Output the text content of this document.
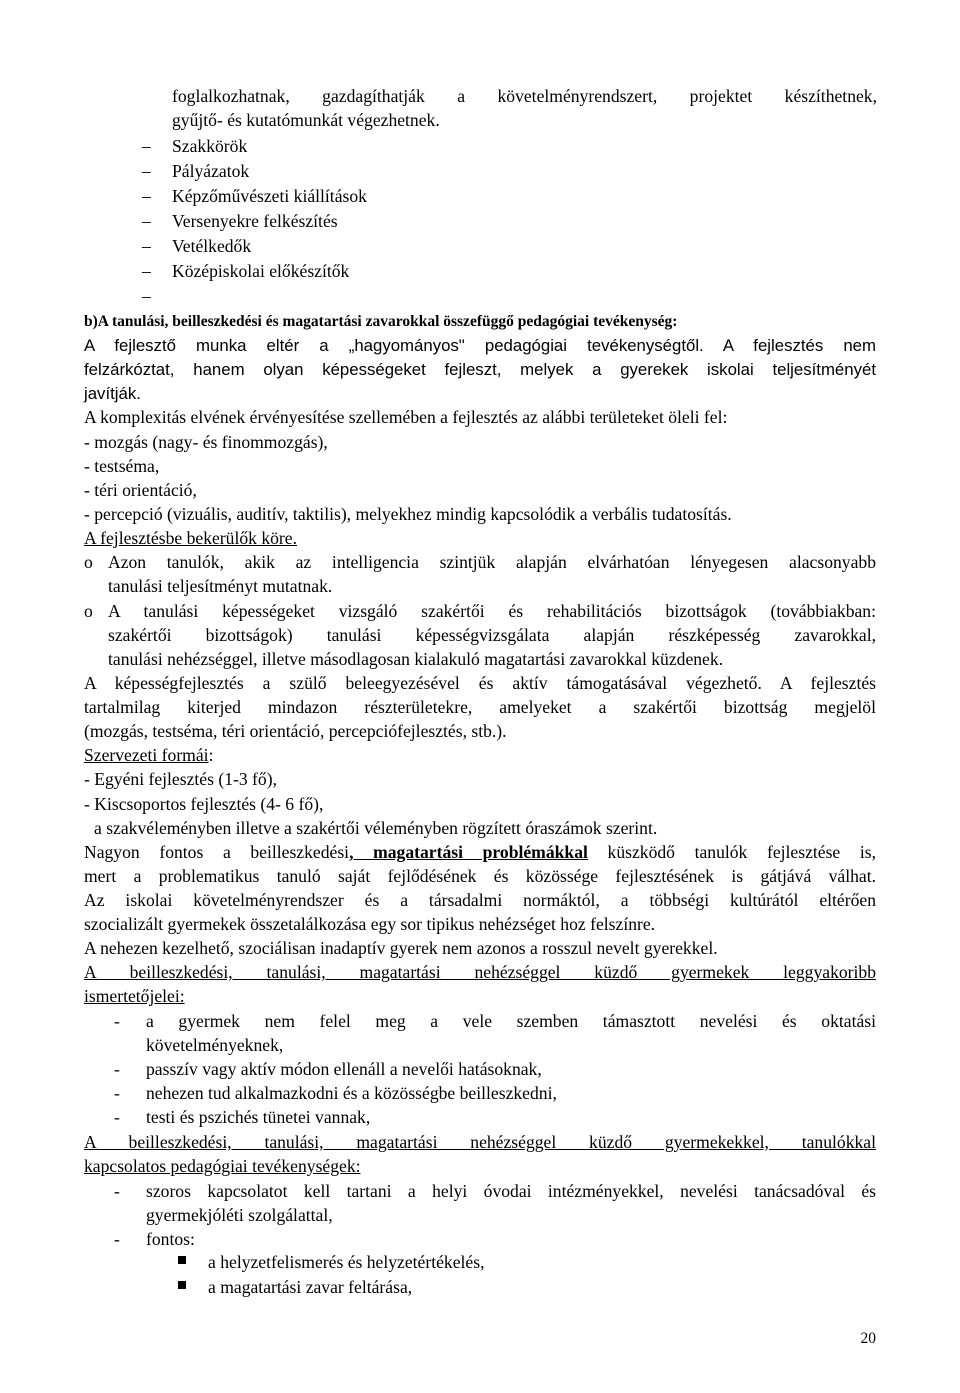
foglalkozhatnak, gazdagíthatják a követelményrendszert, projektet készíthetnek,
gyűjtő- és kutatómunkát végezhetnek.
– Szakkörök
– Pályázatok
– Képzőművészeti kiállítások
– Versenyekre felkészítés
– Vetélkedők
– Középiskolai előkészítők
–
b)A tanulási, beilleszkedési és magatartási zavarokkal összefüggő pedagógiai tevékenység:
A fejlesztő munka eltér a „hagyományos" pedagógiai tevékenységtől. A fejlesztés nem
felzárkóztat, hanem olyan képességeket fejleszt, melyek a gyerekek iskolai teljesítményét
javítják.
A komplexitás elvének érvényesítése szellemében a fejlesztés az alábbi területeket öleli fel:
- mozgás (nagy- és finommozgás),
- testséma,
- téri orientáció,
- percepció (vizuális, auditív, taktilis), melyekhez mindig kapcsolódik a verbális tudatosítás.
A fejlesztésbe bekerülők köre.
o Azon tanulók, akik az intelligencia szintjük alapján elvárhatóan lényegesen alacsonyabb
tanulási teljesítményt mutatnak.
o A tanulási képességeket vizsgáló szakértői és rehabilitációs bizottságok (továbbiakban:
szakértői bizottságok) tanulási képességvizsgálata alapján részképesség zavarokkal,
tanulási nehézséggel, illetve másodlagosan kialakuló magatartási zavarokkal küzdenek.
A képességfejlesztés a szülő beleegyezésével és aktív támogatásával végezhető. A fejlesztés
tartalmilag kiterjed mindazon részterületekre, amelyeket a szakértői bizottság megjelöl
(mozgás, testséma, téri orientáció, percepciófejlesztés, stb.).
Szervezeti formái:
- Egyéni fejlesztés (1-3 fő),
- Kiscsoportos fejlesztés (4- 6 fő),
a szakvéleményben illetve a szakértői véleményben rögzített óraszámok szerint.
Nagyon fontos a beilleszkedési, magatartási problémákkal küszködő tanulók fejlesztése is,
mert a problematikus tanuló saját fejlődésének és közössége fejlesztésének is gátjává válhat.
Az iskolai követelményrendszer és a társadalmi normáktól, a többségi kultúrától eltérően
szocializált gyermekek összetalálkozása egy sor tipikus nehézséget hoz felszínre.
A nehezen kezelhető, szociálisan inadaptív gyerek nem azonos a rosszul nevelt gyerekkel.
A beilleszkedési, tanulási, magatartási nehézséggel küzdő gyermekek leggyakoribb
ismertetőjelei:
- a gyermek nem felel meg a vele szemben támasztott nevelési és oktatási
követelményeknek,
- passzív vagy aktív módon ellenáll a nevelői hatásoknak,
- nehezen tud alkalmazkodni és a közösségbe beilleszkedni,
- testi és pszichés tünetei vannak,
A beilleszkedési, tanulási, magatartási nehézséggel küzdő gyermekekkel, tanulókkal
kapcsolatos pedagógiai tevékenységek:
- szoros kapcsolatot kell tartani a helyi óvodai intézményekkel, nevelési tanácsadóval és
gyermekjóléti szolgálattal,
- fontos:
a helyzetfelismerés és helyzetértékelés,
a magatartási zavar feltárása,
20
